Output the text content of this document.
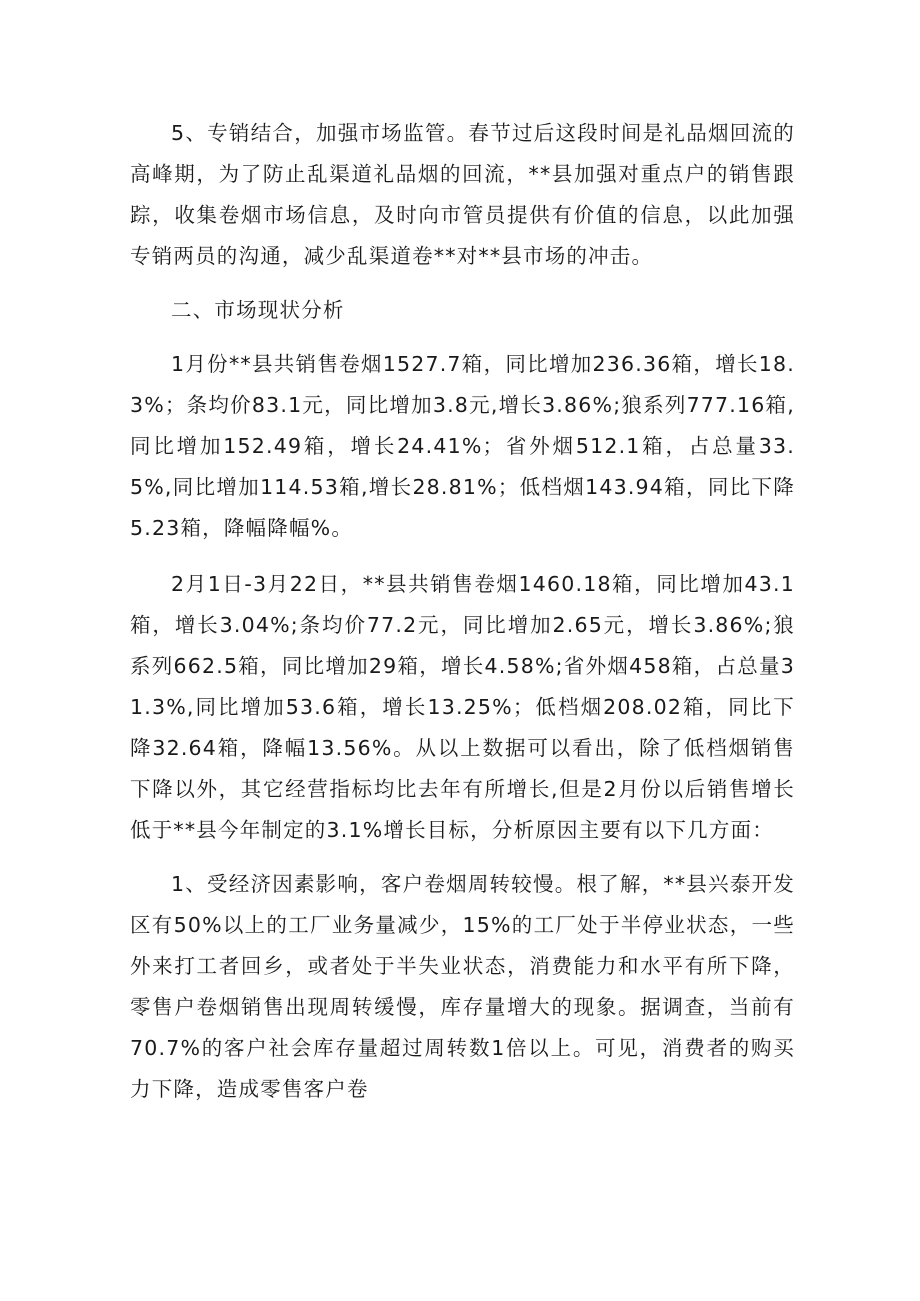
5、专销结合，加强市场监管。春节过后这段时间是礼品烟回流的高峰期，为了防止乱渠道礼品烟的回流，**县加强对重点户的销售跟踪，收集卷烟市场信息，及时向市管员提供有价值的信息，以此加强专销两员的沟通，减少乱渠道卷**对**县市场的冲击。

二、市场现状分析

1月份**县共销售卷烟1527.7箱，同比增加236.36箱，增长18.3%；条均价83.1元，同比增加3.8元,增长3.86%;狼系列777.16箱,同比增加152.49箱，增长24.41%；省外烟512.1箱，占总量33.5%,同比增加114.53箱,增长28.81%；低档烟143.94箱，同比下降5.23箱，降幅降幅%。

2月1日-3月22日，**县共销售卷烟1460.18箱，同比增加43.1箱，增长3.04%;条均价77.2元，同比增加2.65元，增长3.86%;狼系列662.5箱，同比增加29箱，增长4.58%;省外烟458箱，占总量31.3%,同比增加53.6箱，增长13.25%；低档烟208.02箱，同比下降32.64箱，降幅13.56%。从以上数据可以看出，除了低档烟销售下降以外，其它经营指标均比去年有所增长,但是2月份以后销售增长低于**县今年制定的3.1%增长目标，分析原因主要有以下几方面：

1、受经济因素影响，客户卷烟周转较慢。根了解，**县兴泰开发区有50%以上的工厂业务量减少，15%的工厂处于半停业状态，一些外来打工者回乡，或者处于半失业状态，消费能力和水平有所下降，零售户卷烟销售出现周转缓慢，库存量增大的现象。据调查，当前有70.7%的客户社会库存量超过周转数1倍以上。可见，消费者的购买力下降，造成零售客户卷
